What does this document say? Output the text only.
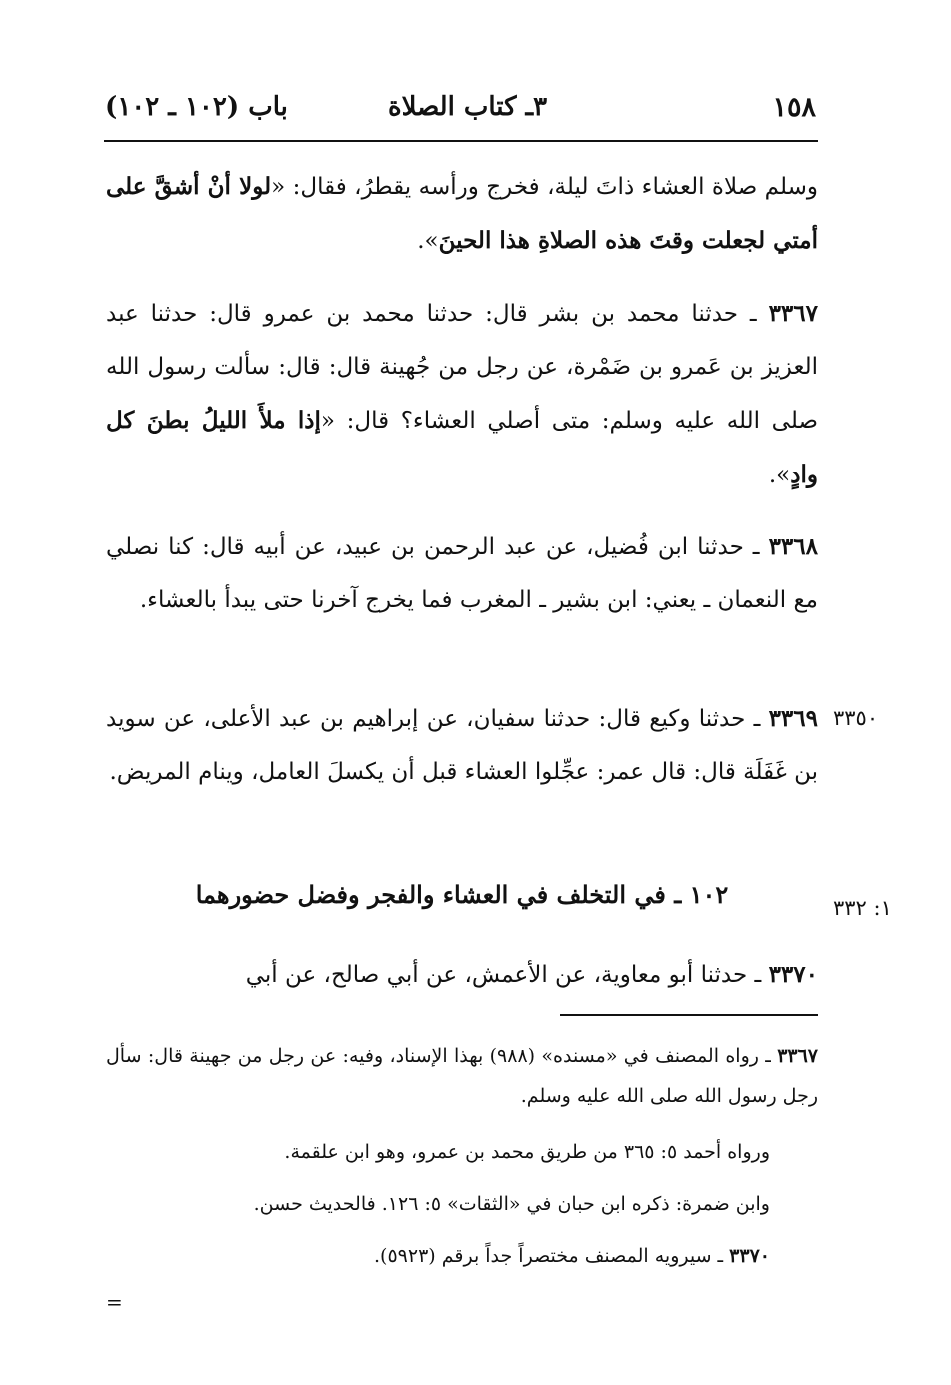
١٥٨
٣ـ كتاب الصلاة
باب (١٠٢ ـ ١٠٢)
وسلم صلاة العشاء ذاتَ ليلة، فخرج ورأسه يقطرُ، فقال: «لولا أنْ أشقَّ على أمتي لجعلت وقتَ هذه الصلاةِ هذا الحينَ».
٣٣٦٧ ـ حدثنا محمد بن بشر قال: حدثنا محمد بن عمرو قال: حدثنا عبد العزيز بن عَمرو بن ضَمْرة، عن رجل من جُهينة قال: قال: سألت رسول الله صلى الله عليه وسلم: متى أصلي العشاء؟ قال: «إذا ملأَ الليلُ بطنَ كل وادٍ».
٣٣٦٨ ـ حدثنا ابن فُضيل، عن عبد الرحمن بن عبيد، عن أبيه قال: كنا نصلي مع النعمان ـ يعني: ابن بشير ـ المغرب فما يخرج آخرنا حتى يبدأ بالعشاء.
٣٣٦٩ ـ حدثنا وكيع قال: حدثنا سفيان، عن إبراهيم بن عبد الأعلى، عن سويد بن غَفَلَة قال: قال عمر: عجِّلوا العشاء قبل أن يكسلَ العامل، وينام المريض.
٣٣٥٠
١٠٢ ـ في التخلف في العشاء والفجر وفضل حضورهما	١: ٣٣٢
٣٣٧٠ ـ حدثنا أبو معاوية، عن الأعمش، عن أبي صالح، عن أبي
٣٣٦٧ ـ رواه المصنف في «مسنده» (٩٨٨) بهذا الإسناد، وفيه: عن رجل من جهينة قال: سأل رجل رسول الله صلى الله عليه وسلم.
ورواه أحمد ٥: ٣٦٥ من طريق محمد بن عمرو، وهو ابن علقمة.
وابن ضمرة: ذكره ابن حبان في «الثقات» ٥: ١٢٦. فالحديث حسن.
٣٣٧٠ ـ سيرويه المصنف مختصراً جداً برقم (٥٩٢٣).
=
